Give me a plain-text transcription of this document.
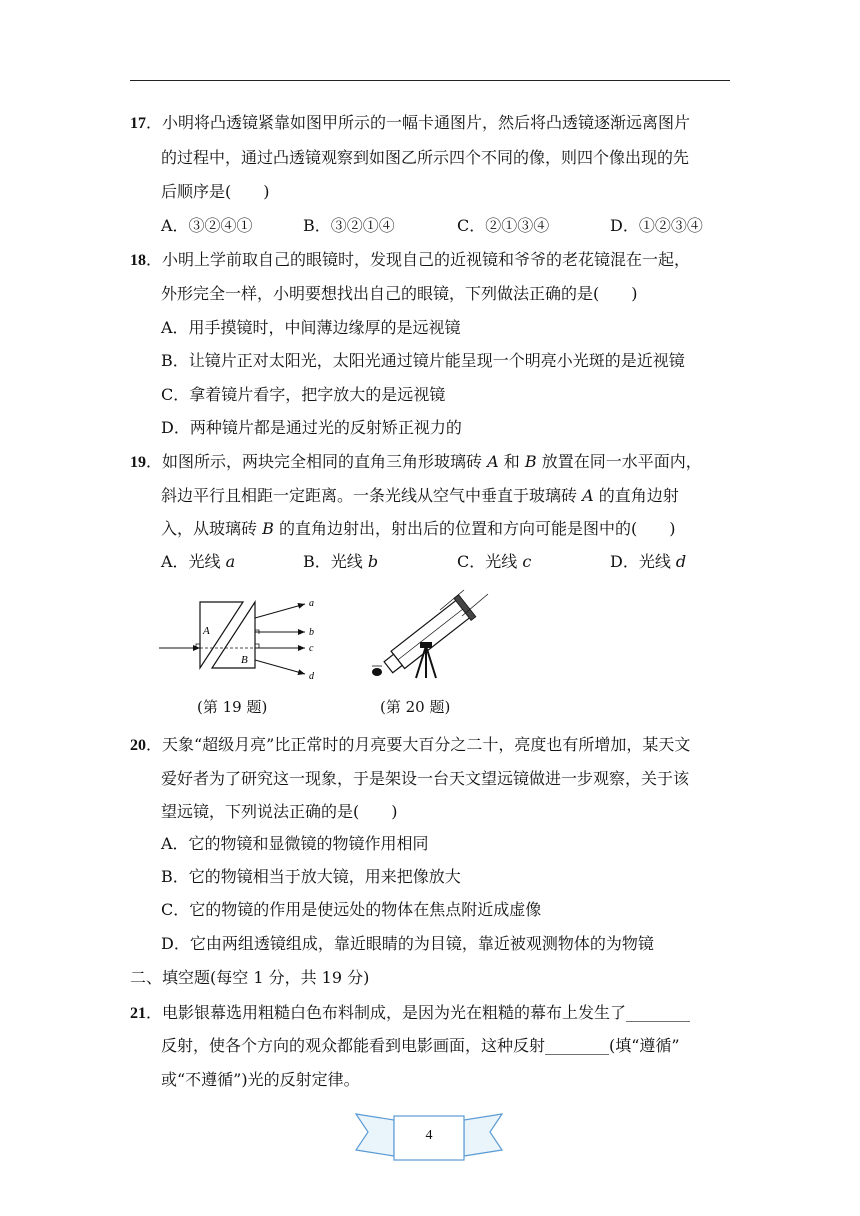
17．小明将凸透镜紧靠如图甲所示的一幅卡通图片，然后将凸透镜逐渐远离图片
的过程中，通过凸透镜观察到如图乙所示四个不同的像，则四个像出现的先
后顺序是(　　)
A．③②④①	B．③②①④	C．②①③④	D．①②③④
18．小明上学前取自己的眼镜时，发现自己的近视镜和爷爷的老花镜混在一起，
外形完全一样，小明要想找出自己的眼镜，下列做法正确的是(　　)
A．用手摸镜时，中间薄边缘厚的是远视镜
B．让镜片正对太阳光，太阳光通过镜片能呈现一个明亮小光斑的是近视镜
C．拿着镜片看字，把字放大的是远视镜
D．两种镜片都是通过光的反射矫正视力的
19．如图所示，两块完全相同的直角三角形玻璃砖 A 和 B 放置在同一水平面内，
斜边平行且相距一定距离。一条光线从空气中垂直于玻璃砖 A 的直角边射
入，从玻璃砖 B 的直角边射出，射出后的位置和方向可能是图中的(　　)
A．光线 a	B．光线 b	C．光线 c	D．光线 d
A
B
a
b
c
d
(第 19 题)	(第 20 题)
20．天象“超级月亮”比正常时的月亮要大百分之二十，亮度也有所增加，某天文
爱好者为了研究这一现象，于是架设一台天文望远镜做进一步观察，关于该
望远镜，下列说法正确的是(　　)
A．它的物镜和显微镜的物镜作用相同
B．它的物镜相当于放大镜，用来把像放大
C．它的物镜的作用是使远处的物体在焦点附近成虚像
D．它由两组透镜组成，靠近眼睛的为目镜，靠近被观测物体的为物镜
二、填空题(每空 1 分，共 19 分)
21．电影银幕选用粗糙白色布料制成，是因为光在粗糙的幕布上发生了________
反射，使各个方向的观众都能看到电影画面，这种反射________(填“遵循”
或“不遵循”)光的反射定律。
4
